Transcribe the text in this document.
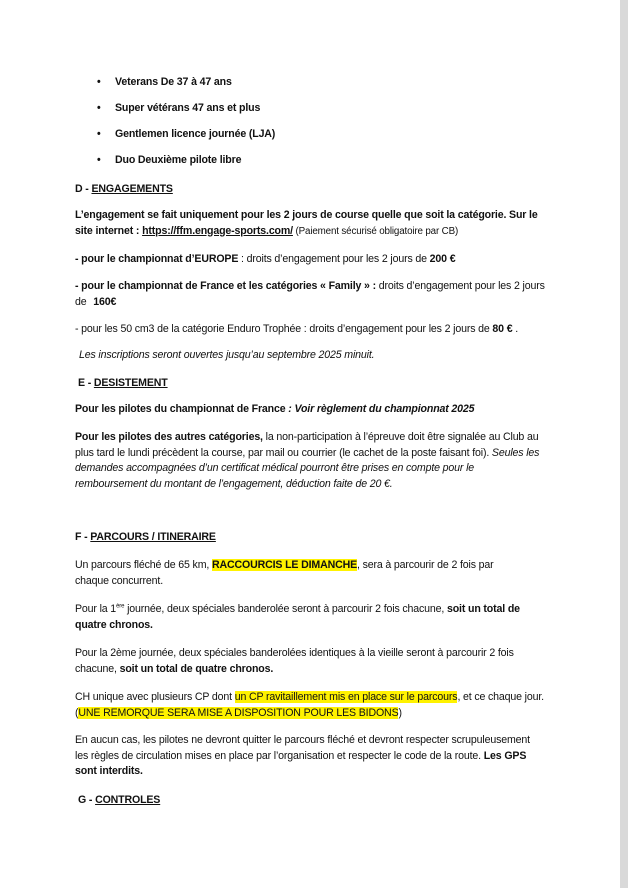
• Veterans De 37 à 47 ans
• Super vétérans 47 ans et plus
• Gentlemen licence journée (LJA)
• Duo Deuxième pilote libre

D - ENGAGEMENTS

L’engagement se fait uniquement pour les 2 jours de course quelle que soit la catégorie. Sur le site internet : https://ffm.engage-sports.com/ (Paiement sécurisé obligatoire par CB)

- pour le championnat d’EUROPE : droits d’engagement pour les 2 jours de 200 €

- pour le championnat de France et les catégories « Family » : droits d’engagement pour les 2 jours de 160€

- pour les 50 cm3 de la catégorie Enduro Trophée : droits d’engagement pour les 2 jours de 80 € .

Les inscriptions seront ouvertes jusqu’au septembre 2025 minuit.

E - DESISTEMENT

Pour les pilotes du championnat de France : Voir règlement du championnat 2025

Pour les pilotes des autres catégories, la non-participation à l’épreuve doit être signalée au Club au plus tard le lundi précèdent la course, par mail ou courrier (le cachet de la poste faisant foi). Seules les demandes accompagnées d’un certificat médical pourront être prises en compte pour le remboursement du montant de l’engagement, déduction faite de 20 €.

F - PARCOURS / ITINERAIRE

Un parcours fléché de 65 km, RACCOURCIS LE DIMANCHE, sera à parcourir de 2 fois par chaque concurrent.

Pour la 1ère journée, deux spéciales banderolée seront à parcourir 2 fois chacune, soit un total de quatre chronos.

Pour la 2ème journée, deux spéciales banderolées identiques à la vieille seront à parcourir 2 fois chacune, soit un total de quatre chronos.

CH unique avec plusieurs CP dont un CP ravitaillement mis en place sur le parcours, et ce chaque jour. (UNE REMORQUE SERA MISE A DISPOSITION POUR LES BIDONS)

En aucun cas, les pilotes ne devront quitter le parcours fléché et devront respecter scrupuleusement les règles de circulation mises en place par l’organisation et respecter le code de la route. Les GPS sont interdits.

G - CONTROLES
